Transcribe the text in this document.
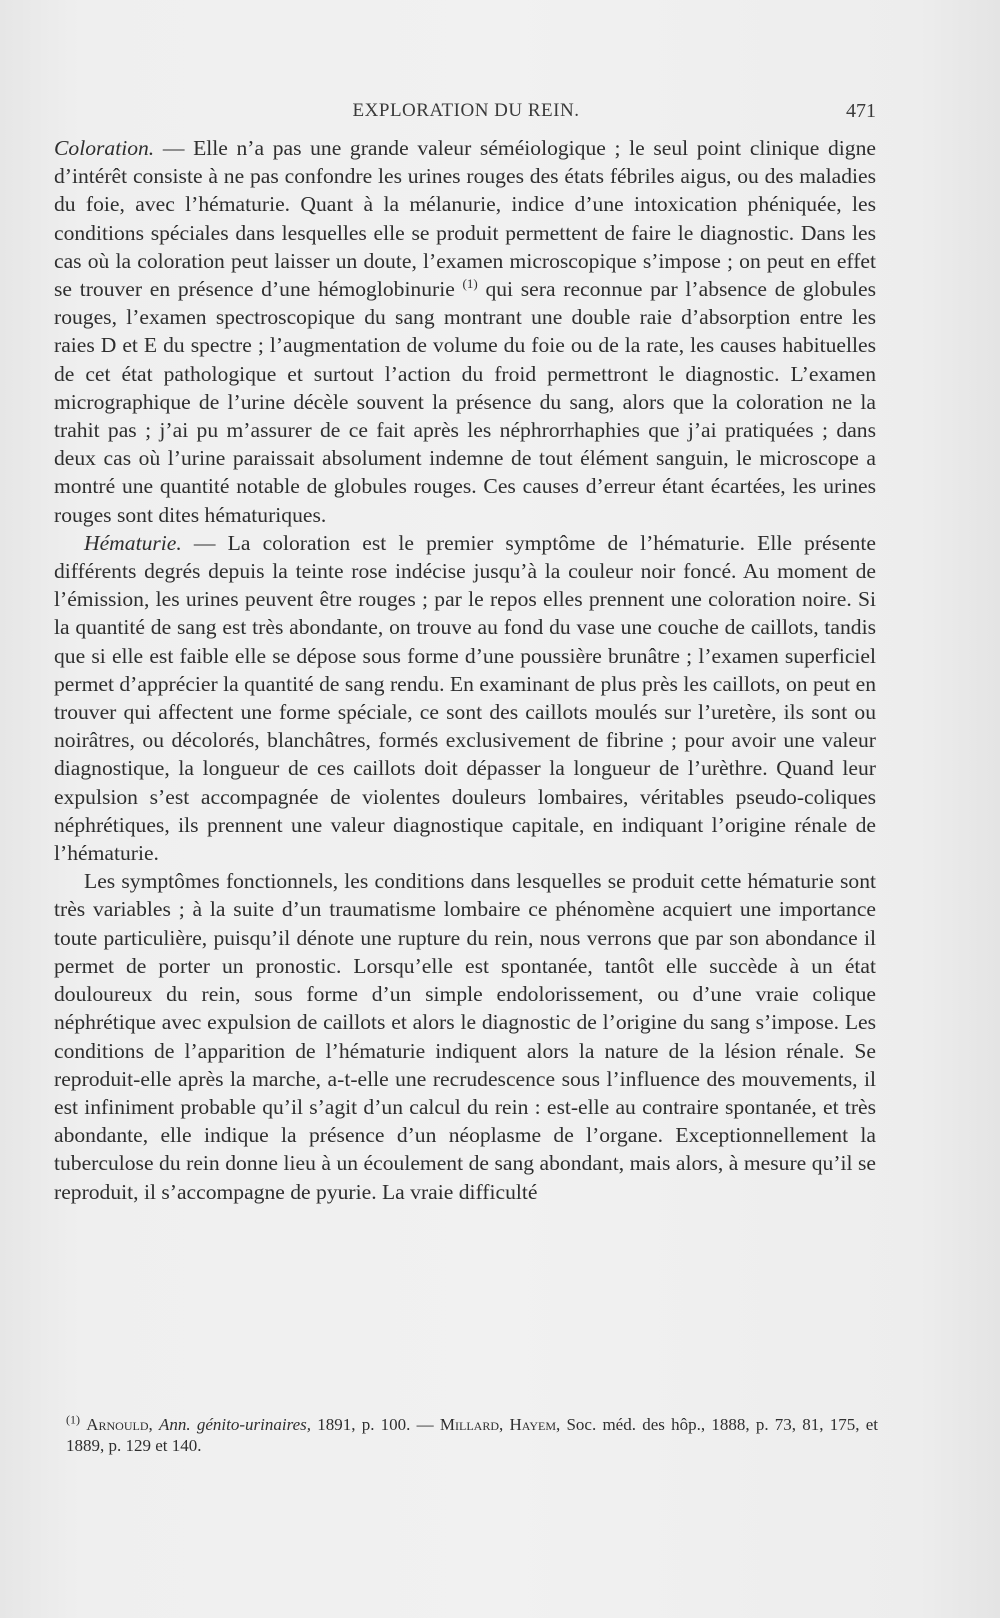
EXPLORATION DU REIN.	471

Coloration. — Elle n’a pas une grande valeur séméiologique ; le seul point clinique digne d’intérêt consiste à ne pas confondre les urines rouges des états fébriles aigus, ou des maladies du foie, avec l’hématurie. Quant à la mélanurie, indice d’une intoxication phéniquée, les conditions spéciales dans lesquelles elle se produit permettent de faire le diagnostic. Dans les cas où la coloration peut laisser un doute, l’examen microscopique s’impose ; on peut en effet se trouver en présence d’une hémoglobinurie $^{(1)}$ qui sera reconnue par l’absence de globules rouges, l’examen spectroscopique du sang montrant une double raie d’absorption entre les raies D et E du spectre ; l’augmentation de volume du foie ou de la rate, les causes habituelles de cet état pathologique et surtout l’action du froid permettront le diagnostic. L’examen micrographique de l’urine décèle souvent la présence du sang, alors que la coloration ne la trahit pas ; j’ai pu m’assurer de ce fait après les néphrorrhaphies que j’ai pratiquées ; dans deux cas où l’urine paraissait absolument indemne de tout élément sanguin, le microscope a montré une quantité notable de globules rouges. Ces causes d’erreur étant écartées, les urines rouges sont dites hématuriques.

Hématurie. — La coloration est le premier symptôme de l’hématurie. Elle présente différents degrés depuis la teinte rose indécise jusqu’à la couleur noir foncé. Au moment de l’émission, les urines peuvent être rouges ; par le repos elles prennent une coloration noire. Si la quantité de sang est très abondante, on trouve au fond du vase une couche de caillots, tandis que si elle est faible elle se dépose sous forme d’une poussière brunâtre ; l’examen superficiel permet d’apprécier la quantité de sang rendu. En examinant de plus près les caillots, on peut en trouver qui affectent une forme spéciale, ce sont des caillots moulés sur l’uretère, ils sont ou noirâtres, ou décolorés, blanchâtres, formés exclusivement de fibrine ; pour avoir une valeur diagnostique, la longueur de ces caillots doit dépasser la longueur de l’urèthre. Quand leur expulsion s’est accompagnée de violentes douleurs lombaires, véritables pseudo-coliques néphrétiques, ils prennent une valeur diagnostique capitale, en indiquant l’origine rénale de l’hématurie.

Les symptômes fonctionnels, les conditions dans lesquelles se produit cette hématurie sont très variables ; à la suite d’un traumatisme lombaire ce phénomène acquiert une importance toute particulière, puisqu’il dénote une rupture du rein, nous verrons que par son abondance il permet de porter un pronostic. Lorsqu’elle est spontanée, tantôt elle succède à un état douloureux du rein, sous forme d’un simple endolorissement, ou d’une vraie colique néphrétique avec expulsion de caillots et alors le diagnostic de l’origine du sang s’impose. Les conditions de l’apparition de l’hématurie indiquent alors la nature de la lésion rénale. Se reproduit-elle après la marche, a-t-elle une recrudescence sous l’influence des mouvements, il est infiniment probable qu’il s’agit d’un calcul du rein : est-elle au contraire spontanée, et très abondante, elle indique la présence d’un néoplasme de l’organe. Exceptionnellement la tuberculose du rein donne lieu à un écoulement de sang abondant, mais alors, à mesure qu’il se reproduit, il s’accompagne de pyurie. La vraie difficulté

$^{(1)}$ Arnould, Ann. génito-urinaires, 1891, p. 100. — Millard, Hayem, Soc. méd. des hôp., 1888, p. 73, 81, 175, et 1889, p. 129 et 140.
